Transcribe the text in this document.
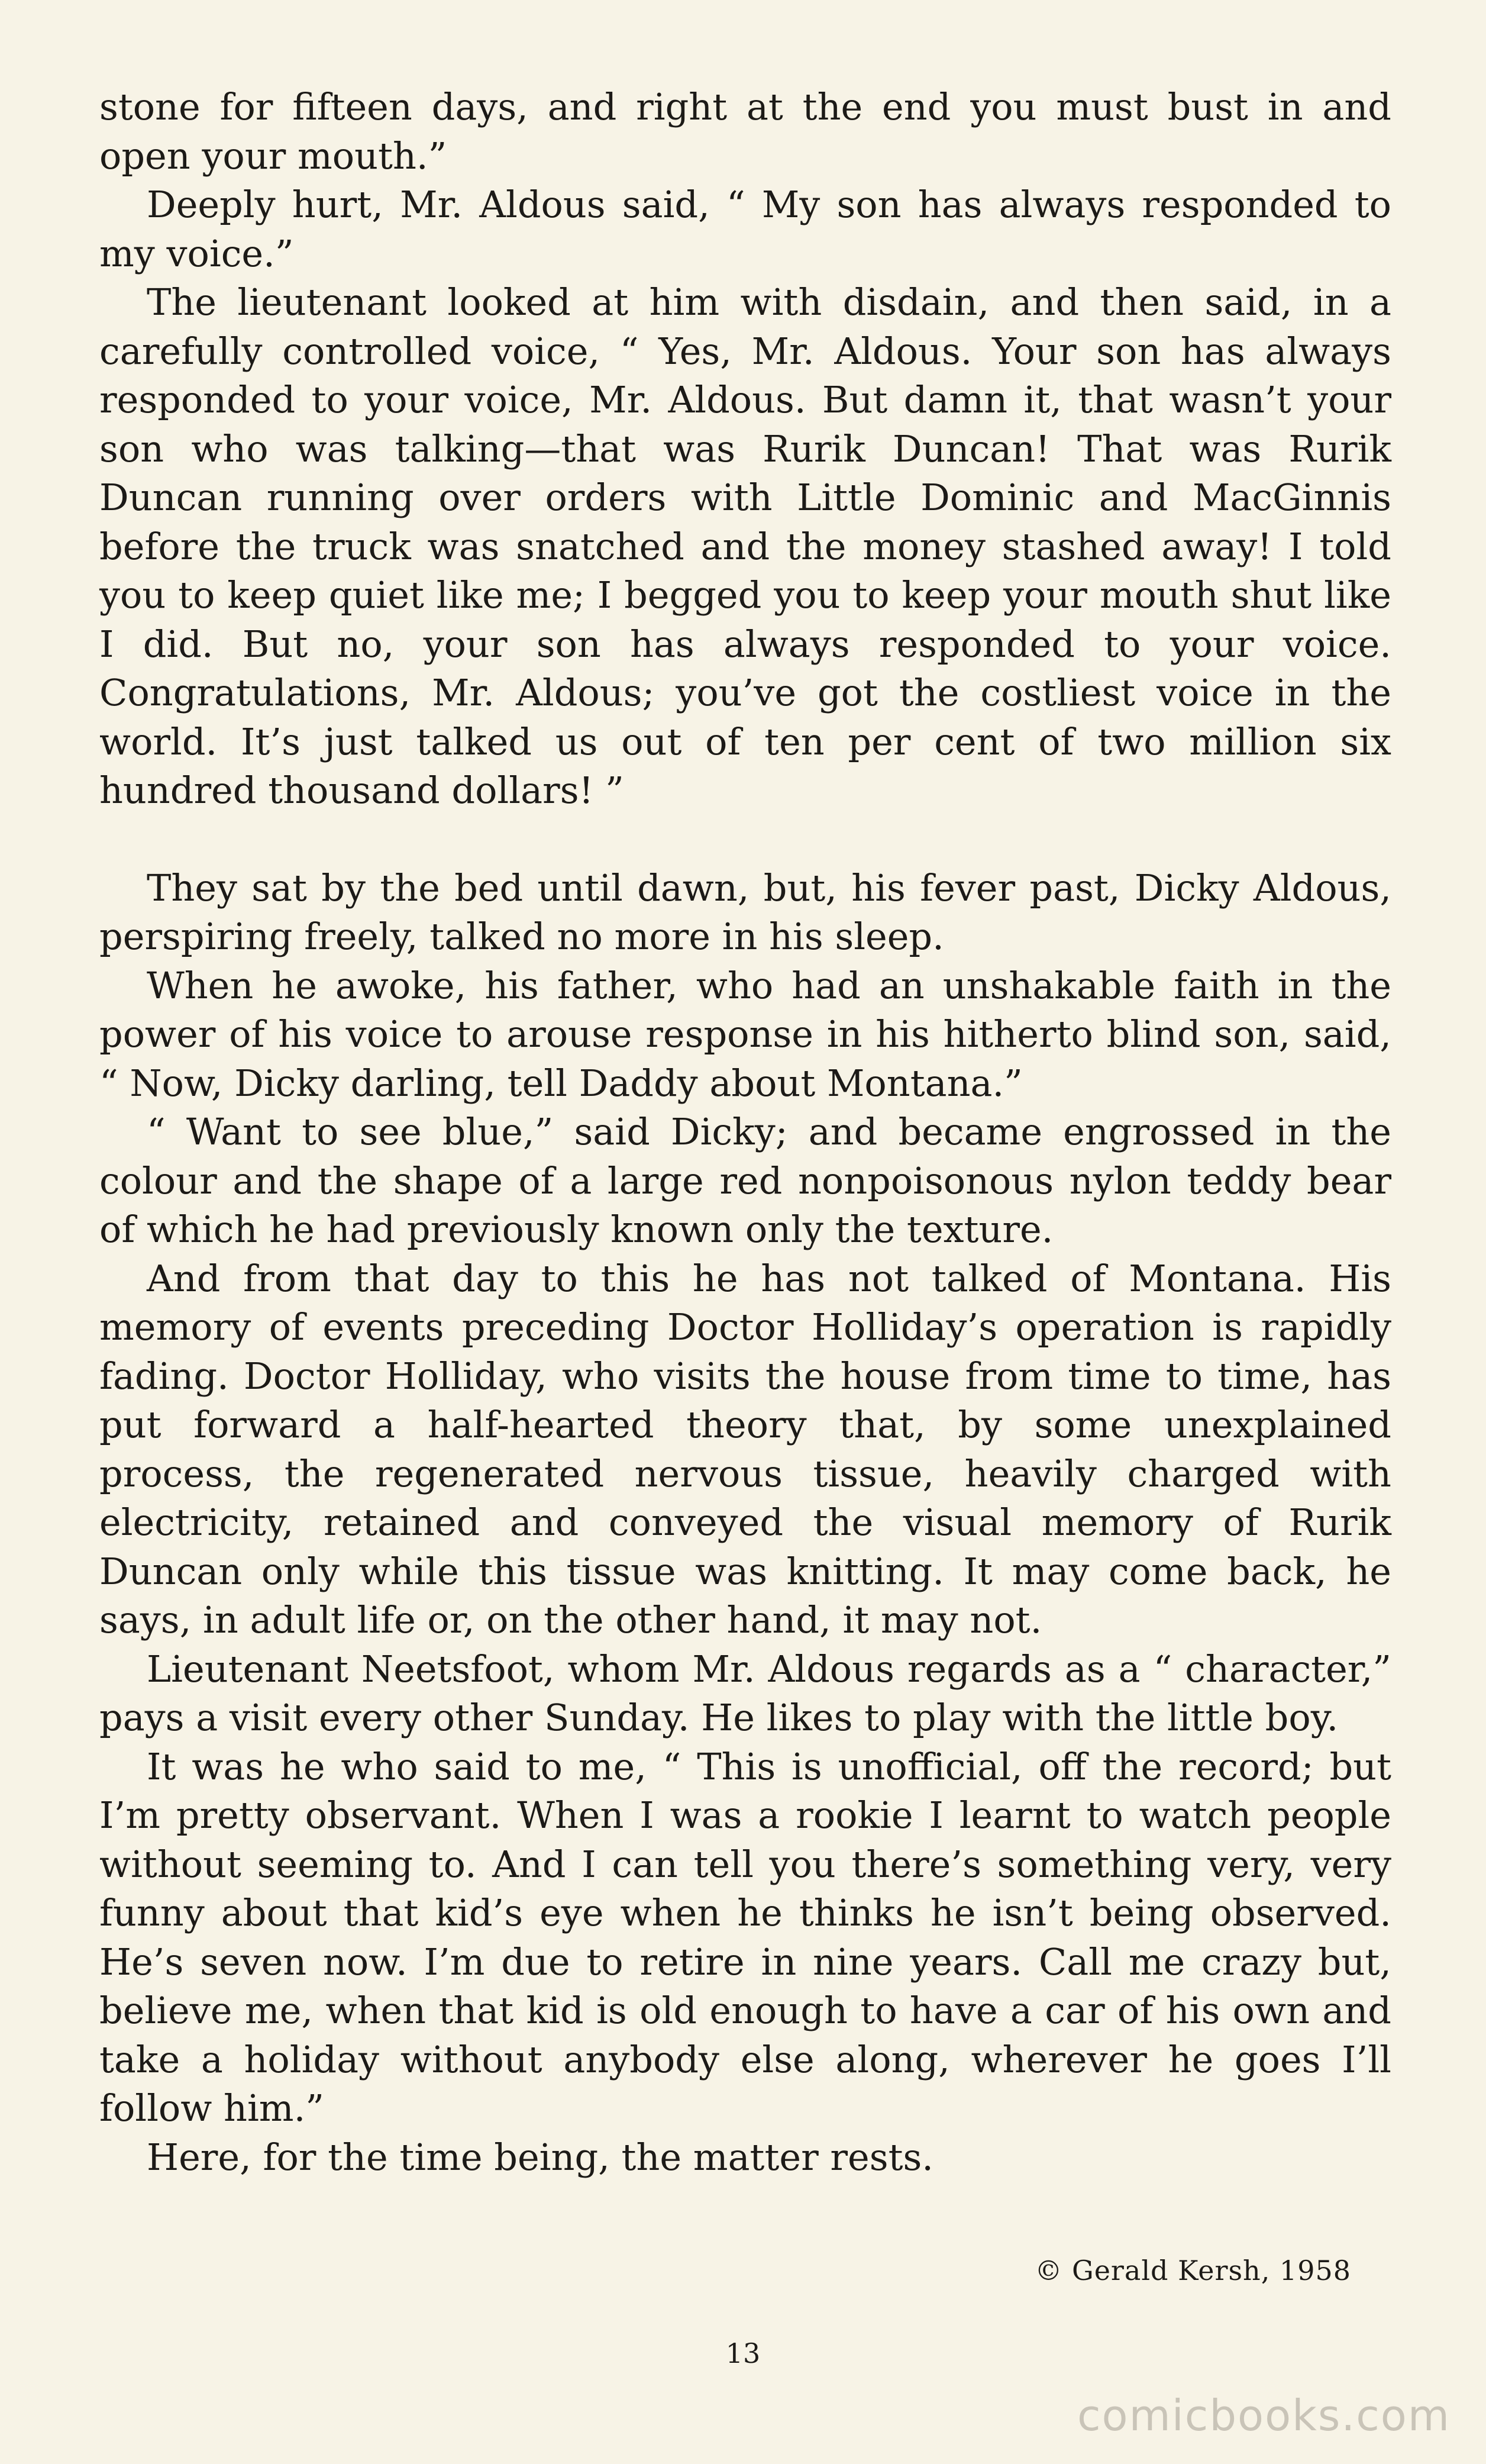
stone for fifteen days, and right at the end you must bust in and open your mouth.”

Deeply hurt, Mr. Aldous said, “ My son has always responded to my voice.”

The lieutenant looked at him with disdain, and then said, in a carefully controlled voice, “ Yes, Mr. Aldous. Your son has always responded to your voice, Mr. Aldous. But damn it, that wasn’t your son who was talking—that was Rurik Duncan! That was Rurik Duncan running over orders with Little Dominic and MacGinnis before the truck was snatched and the money stashed away! I told you to keep quiet like me; I begged you to keep your mouth shut like I did. But no, your son has always responded to your voice. Congratulations, Mr. Aldous; you’ve got the costliest voice in the world. It’s just talked us out of ten per cent of two million six hundred thousand dollars! ”

They sat by the bed until dawn, but, his fever past, Dicky Aldous, perspiring freely, talked no more in his sleep.

When he awoke, his father, who had an unshakable faith in the power of his voice to arouse response in his hitherto blind son, said, “ Now, Dicky darling, tell Daddy about Montana.”

“ Want to see blue,” said Dicky; and became engrossed in the colour and the shape of a large red nonpoisonous nylon teddy bear of which he had previously known only the texture.

And from that day to this he has not talked of Montana. His memory of events preceding Doctor Holliday’s operation is rapidly fading. Doctor Holliday, who visits the house from time to time, has put forward a half-hearted theory that, by some unexplained process, the regenerated nervous tissue, heavily charged with electricity, retained and conveyed the visual memory of Rurik Duncan only while this tissue was knitting. It may come back, he says, in adult life or, on the other hand, it may not.

Lieutenant Neetsfoot, whom Mr. Aldous regards as a “ character,” pays a visit every other Sunday. He likes to play with the little boy.

It was he who said to me, “ This is unofficial, off the record; but I’m pretty observant. When I was a rookie I learnt to watch people without seeming to. And I can tell you there’s something very, very funny about that kid’s eye when he thinks he isn’t being observed. He’s seven now. I’m due to retire in nine years. Call me crazy but, believe me, when that kid is old enough to have a car of his own and take a holiday without anybody else along, wherever he goes I’ll follow him.”

Here, for the time being, the matter rests.

© Gerald Kersh, 1958
13
comicbooks.com
